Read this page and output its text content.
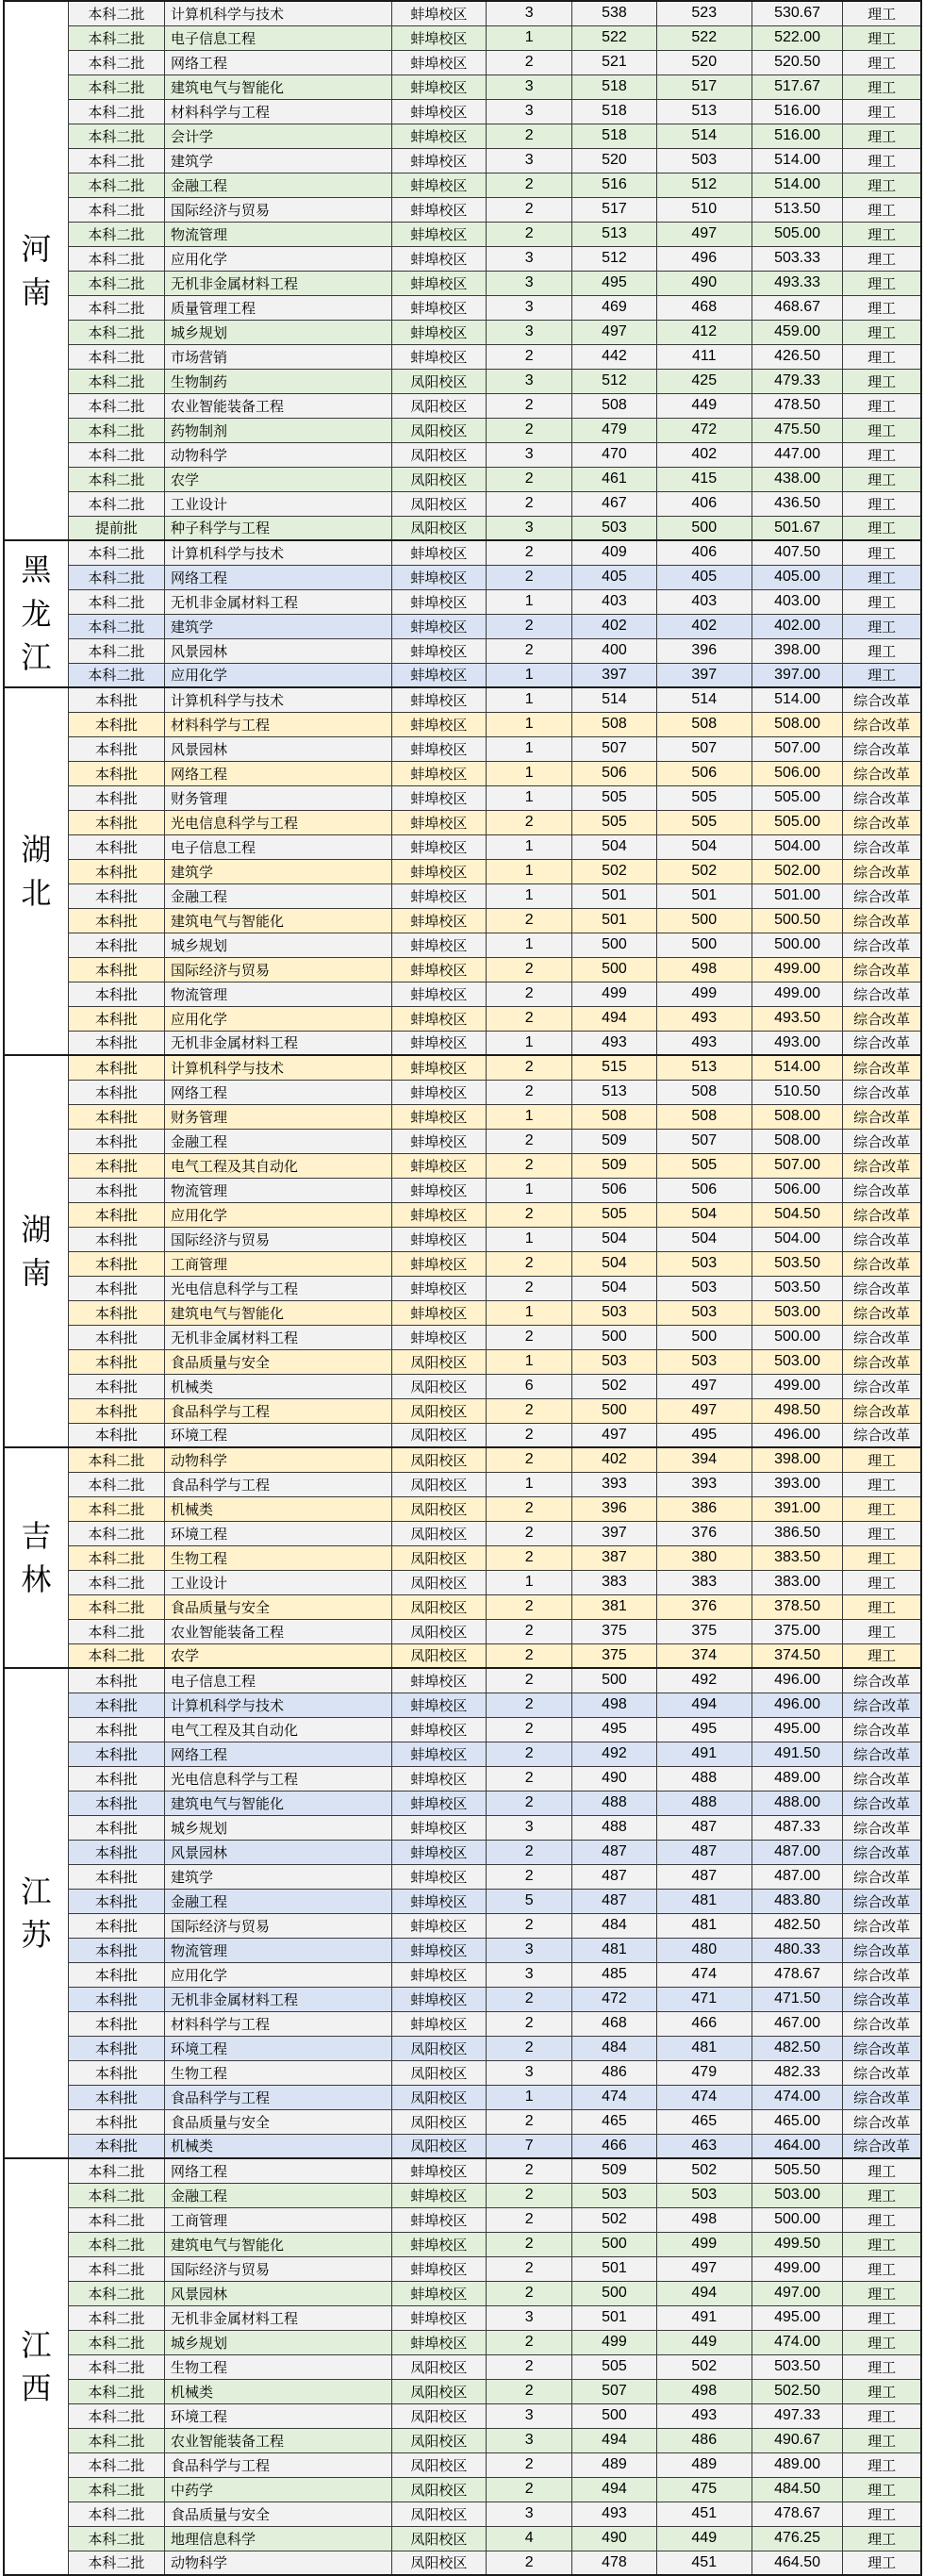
河南	本科二批	计算机科学与技术	蚌埠校区	3	538	523	530.67	理工
	本科二批	电子信息工程	蚌埠校区	1	522	522	522.00	理工
	本科二批	网络工程	蚌埠校区	2	521	520	520.50	理工
	本科二批	建筑电气与智能化	蚌埠校区	3	518	517	517.67	理工
	本科二批	材料科学与工程	蚌埠校区	3	518	513	516.00	理工
	本科二批	会计学	蚌埠校区	2	518	514	516.00	理工
	本科二批	建筑学	蚌埠校区	3	520	503	514.00	理工
	本科二批	金融工程	蚌埠校区	2	516	512	514.00	理工
	本科二批	国际经济与贸易	蚌埠校区	2	517	510	513.50	理工
	本科二批	物流管理	蚌埠校区	2	513	497	505.00	理工
	本科二批	应用化学	蚌埠校区	3	512	496	503.33	理工
	本科二批	无机非金属材料工程	蚌埠校区	3	495	490	493.33	理工
	本科二批	质量管理工程	蚌埠校区	3	469	468	468.67	理工
	本科二批	城乡规划	蚌埠校区	3	497	412	459.00	理工
	本科二批	市场营销	蚌埠校区	2	442	411	426.50	理工
	本科二批	生物制药	凤阳校区	3	512	425	479.33	理工
	本科二批	农业智能装备工程	凤阳校区	2	508	449	478.50	理工
	本科二批	药物制剂	凤阳校区	2	479	472	475.50	理工
	本科二批	动物科学	凤阳校区	3	470	402	447.00	理工
	本科二批	农学	凤阳校区	2	461	415	438.00	理工
	本科二批	工业设计	凤阳校区	2	467	406	436.50	理工
	提前批	种子科学与工程	凤阳校区	3	503	500	501.67	理工

黑龙江	本科二批	计算机科学与技术	蚌埠校区	2	409	406	407.50	理工
	本科二批	网络工程	蚌埠校区	2	405	405	405.00	理工
	本科二批	无机非金属材料工程	蚌埠校区	1	403	403	403.00	理工
	本科二批	建筑学	蚌埠校区	2	402	402	402.00	理工
	本科二批	风景园林	蚌埠校区	2	400	396	398.00	理工
	本科二批	应用化学	蚌埠校区	1	397	397	397.00	理工

湖北	本科批	计算机科学与技术	蚌埠校区	1	514	514	514.00	综合改革
	本科批	材料科学与工程	蚌埠校区	1	508	508	508.00	综合改革
	本科批	风景园林	蚌埠校区	1	507	507	507.00	综合改革
	本科批	网络工程	蚌埠校区	1	506	506	506.00	综合改革
	本科批	财务管理	蚌埠校区	1	505	505	505.00	综合改革
	本科批	光电信息科学与工程	蚌埠校区	2	505	505	505.00	综合改革
	本科批	电子信息工程	蚌埠校区	1	504	504	504.00	综合改革
	本科批	建筑学	蚌埠校区	1	502	502	502.00	综合改革
	本科批	金融工程	蚌埠校区	1	501	501	501.00	综合改革
	本科批	建筑电气与智能化	蚌埠校区	2	501	500	500.50	综合改革
	本科批	城乡规划	蚌埠校区	1	500	500	500.00	综合改革
	本科批	国际经济与贸易	蚌埠校区	2	500	498	499.00	综合改革
	本科批	物流管理	蚌埠校区	2	499	499	499.00	综合改革
	本科批	应用化学	蚌埠校区	2	494	493	493.50	综合改革
	本科批	无机非金属材料工程	蚌埠校区	1	493	493	493.00	综合改革

湖南	本科批	计算机科学与技术	蚌埠校区	2	515	513	514.00	综合改革
	本科批	网络工程	蚌埠校区	2	513	508	510.50	综合改革
	本科批	财务管理	蚌埠校区	1	508	508	508.00	综合改革
	本科批	金融工程	蚌埠校区	2	509	507	508.00	综合改革
	本科批	电气工程及其自动化	蚌埠校区	2	509	505	507.00	综合改革
	本科批	物流管理	蚌埠校区	1	506	506	506.00	综合改革
	本科批	应用化学	蚌埠校区	2	505	504	504.50	综合改革
	本科批	国际经济与贸易	蚌埠校区	1	504	504	504.00	综合改革
	本科批	工商管理	蚌埠校区	2	504	503	503.50	综合改革
	本科批	光电信息科学与工程	蚌埠校区	2	504	503	503.50	综合改革
	本科批	建筑电气与智能化	蚌埠校区	1	503	503	503.00	综合改革
	本科批	无机非金属材料工程	蚌埠校区	2	500	500	500.00	综合改革
	本科批	食品质量与安全	凤阳校区	1	503	503	503.00	综合改革
	本科批	机械类	凤阳校区	6	502	497	499.00	综合改革
	本科批	食品科学与工程	凤阳校区	2	500	497	498.50	综合改革
	本科批	环境工程	凤阳校区	2	497	495	496.00	综合改革

吉林	本科二批	动物科学	凤阳校区	2	402	394	398.00	理工
	本科二批	食品科学与工程	凤阳校区	1	393	393	393.00	理工
	本科二批	机械类	凤阳校区	2	396	386	391.00	理工
	本科二批	环境工程	凤阳校区	2	397	376	386.50	理工
	本科二批	生物工程	凤阳校区	2	387	380	383.50	理工
	本科二批	工业设计	凤阳校区	1	383	383	383.00	理工
	本科二批	食品质量与安全	凤阳校区	2	381	376	378.50	理工
	本科二批	农业智能装备工程	凤阳校区	2	375	375	375.00	理工
	本科二批	农学	凤阳校区	2	375	374	374.50	理工

江苏	本科批	电子信息工程	蚌埠校区	2	500	492	496.00	综合改革
	本科批	计算机科学与技术	蚌埠校区	2	498	494	496.00	综合改革
	本科批	电气工程及其自动化	蚌埠校区	2	495	495	495.00	综合改革
	本科批	网络工程	蚌埠校区	2	492	491	491.50	综合改革
	本科批	光电信息科学与工程	蚌埠校区	2	490	488	489.00	综合改革
	本科批	建筑电气与智能化	蚌埠校区	2	488	488	488.00	综合改革
	本科批	城乡规划	蚌埠校区	3	488	487	487.33	综合改革
	本科批	风景园林	蚌埠校区	2	487	487	487.00	综合改革
	本科批	建筑学	蚌埠校区	2	487	487	487.00	综合改革
	本科批	金融工程	蚌埠校区	5	487	481	483.80	综合改革
	本科批	国际经济与贸易	蚌埠校区	2	484	481	482.50	综合改革
	本科批	物流管理	蚌埠校区	3	481	480	480.33	综合改革
	本科批	应用化学	蚌埠校区	3	485	474	478.67	综合改革
	本科批	无机非金属材料工程	蚌埠校区	2	472	471	471.50	综合改革
	本科批	材料科学与工程	蚌埠校区	2	468	466	467.00	综合改革
	本科批	环境工程	凤阳校区	2	484	481	482.50	综合改革
	本科批	生物工程	凤阳校区	3	486	479	482.33	综合改革
	本科批	食品科学与工程	凤阳校区	1	474	474	474.00	综合改革
	本科批	食品质量与安全	凤阳校区	2	465	465	465.00	综合改革
	本科批	机械类	凤阳校区	7	466	463	464.00	综合改革

江西	本科二批	网络工程	蚌埠校区	2	509	502	505.50	理工
	本科二批	金融工程	蚌埠校区	2	503	503	503.00	理工
	本科二批	工商管理	蚌埠校区	2	502	498	500.00	理工
	本科二批	建筑电气与智能化	蚌埠校区	2	500	499	499.50	理工
	本科二批	国际经济与贸易	蚌埠校区	2	501	497	499.00	理工
	本科二批	风景园林	蚌埠校区	2	500	494	497.00	理工
	本科二批	无机非金属材料工程	蚌埠校区	3	501	491	495.00	理工
	本科二批	城乡规划	蚌埠校区	2	499	449	474.00	理工
	本科二批	生物工程	凤阳校区	2	505	502	503.50	理工
	本科二批	机械类	凤阳校区	2	507	498	502.50	理工
	本科二批	环境工程	凤阳校区	3	500	493	497.33	理工
	本科二批	农业智能装备工程	凤阳校区	3	494	486	490.67	理工
	本科二批	食品科学与工程	凤阳校区	2	489	489	489.00	理工
	本科二批	中药学	凤阳校区	2	494	475	484.50	理工
	本科二批	食品质量与安全	凤阳校区	3	493	451	478.67	理工
	本科二批	地理信息科学	凤阳校区	4	490	449	476.25	理工
	本科二批	动物科学	凤阳校区	2	478	451	464.50	理工
